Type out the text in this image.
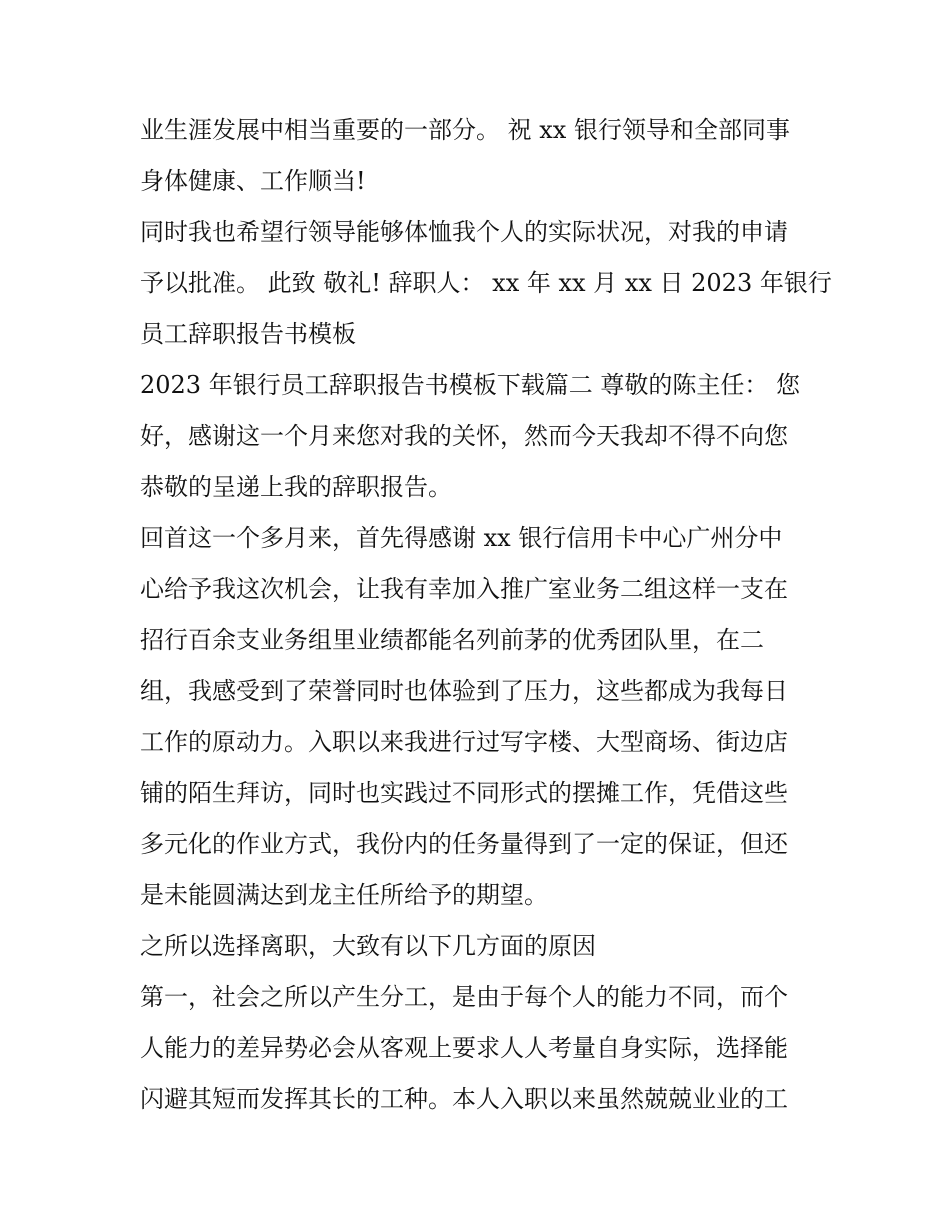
业生涯发展中相当重要的一部分。 祝 xx 银行领导和全部同事
身体健康、工作顺当!
同时我也希望行领导能够体恤我个人的实际状况，对我的申请
予以批准。 此致 敬礼! 辞职人： xx 年 xx 月 xx 日 2023 年银行
员工辞职报告书模板
2023 年银行员工辞职报告书模板下载篇二 尊敬的陈主任： 您
好，感谢这一个月来您对我的关怀，然而今天我却不得不向您
恭敬的呈递上我的辞职报告。
回首这一个多月来，首先得感谢 xx 银行信用卡中心广州分中
心给予我这次机会，让我有幸加入推广室业务二组这样一支在
招行百余支业务组里业绩都能名列前茅的优秀团队里，在二
组，我感受到了荣誉同时也体验到了压力，这些都成为我每日
工作的原动力。入职以来我进行过写字楼、大型商场、街边店
铺的陌生拜访，同时也实践过不同形式的摆摊工作，凭借这些
多元化的作业方式，我份内的任务量得到了一定的保证，但还
是未能圆满达到龙主任所给予的期望。
之所以选择离职，大致有以下几方面的原因
第一，社会之所以产生分工，是由于每个人的能力不同，而个
人能力的差异势必会从客观上要求人人考量自身实际，选择能
闪避其短而发挥其长的工种。本人入职以来虽然兢兢业业的工
